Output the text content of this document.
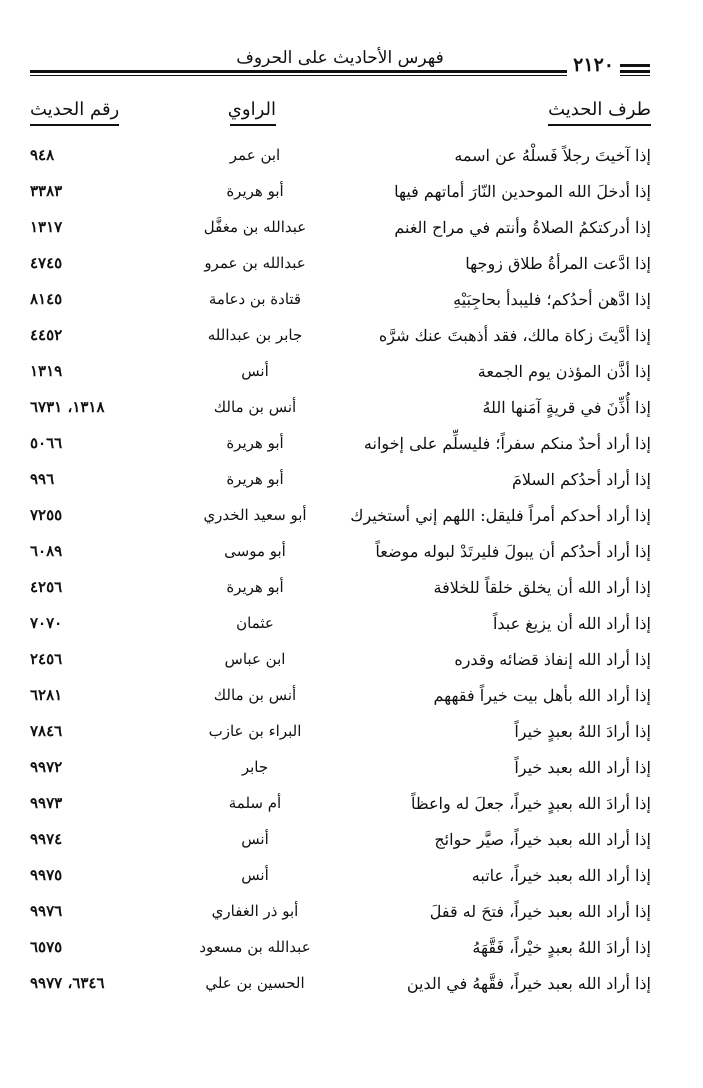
فهرس الأحاديث على الحروف	٢١٢٠
طرف الحديث
الراوي
رقم الحديث
إذا آخيتَ رجلاً فَسلْهُ عن اسمه
ابن عمر
٩٤٨
إذا أدخلَ الله الموحدين النّارَ أماتهم فيها
أبو هريرة
٣٣٨٣
إذا أدركتكمُ الصلاةُ وأنتم في مراح الغنم
عبدالله بن مغفَّل
١٣١٧
إذا ادَّعت المرأةُ طلاق زوجها
عبدالله بن عمرو
٤٧٤٥
إذا ادَّهن أحدُكم؛ فليبدأ بحاجِبَيْهِ
قتادة بن دعامة
٨١٤٥
إذا أدَّيتَ زكاة مالك، فقد أذهبتَ عنك شرَّه
جابر بن عبدالله
٤٤٥٢
إذا أذَّن المؤذن يوم الجمعة
أنس
١٣١٩
إذا أُذِّنَ في قريةٍ آمَنها اللهُ
أنس بن مالك
١٣١٨، ٦٧٣١
إذا أراد أحدٌ منكم سفراً؛ فليسلِّم على إخوانه
أبو هريرة
٥٠٦٦
إذا أراد أحدُكم السلامَ
أبو هريرة
٩٩٦
إذا أراد أحدكم أمراً فليقل: اللهم إني أستخيرك
أبو سعيد الخدري
٧٢٥٥
إذا أراد أحدُكم أن يبولَ فليرتَدْ لبوله موضعاً
أبو موسى
٦٠٨٩
إذا أراد الله أن يخلق خلقاً للخلافة
أبو هريرة
٤٢٥٦
إذا أراد الله أن يزيغ عبداً
عثمان
٧٠٧٠
إذا أراد الله إنفاذ قضائه وقدره
ابن عباس
٢٤٥٦
إذا أراد الله بأهل بيت خيراً فقههم
أنس بن مالك
٦٢٨١
إذا أرادَ اللهُ بعبدٍ خيراً
البراء بن عازب
٧٨٤٦
إذا أراد الله بعبد خيراً
جابر
٩٩٧٢
إذا أرادَ الله بعبدٍ خيراً، جعلَ له واعظاً
أم سلمة
٩٩٧٣
إذا أراد الله بعبد خيراً، صيَّر حوائج
أنس
٩٩٧٤
إذا أراد الله بعبد خيراً، عاتبه
أنس
٩٩٧٥
إذا أراد الله بعبد خيراً، فتحَ له قفلَ
أبو ذر الغفاري
٩٩٧٦
إذا أرادَ اللهُ بعبدٍ خيْراً، فَقَّهَهُ
عبدالله بن مسعود
٦٥٧٥
إذا أراد الله بعبد خيراً، فقَّههُ في الدين
الحسين بن علي
٦٣٤٦، ٩٩٧٧
